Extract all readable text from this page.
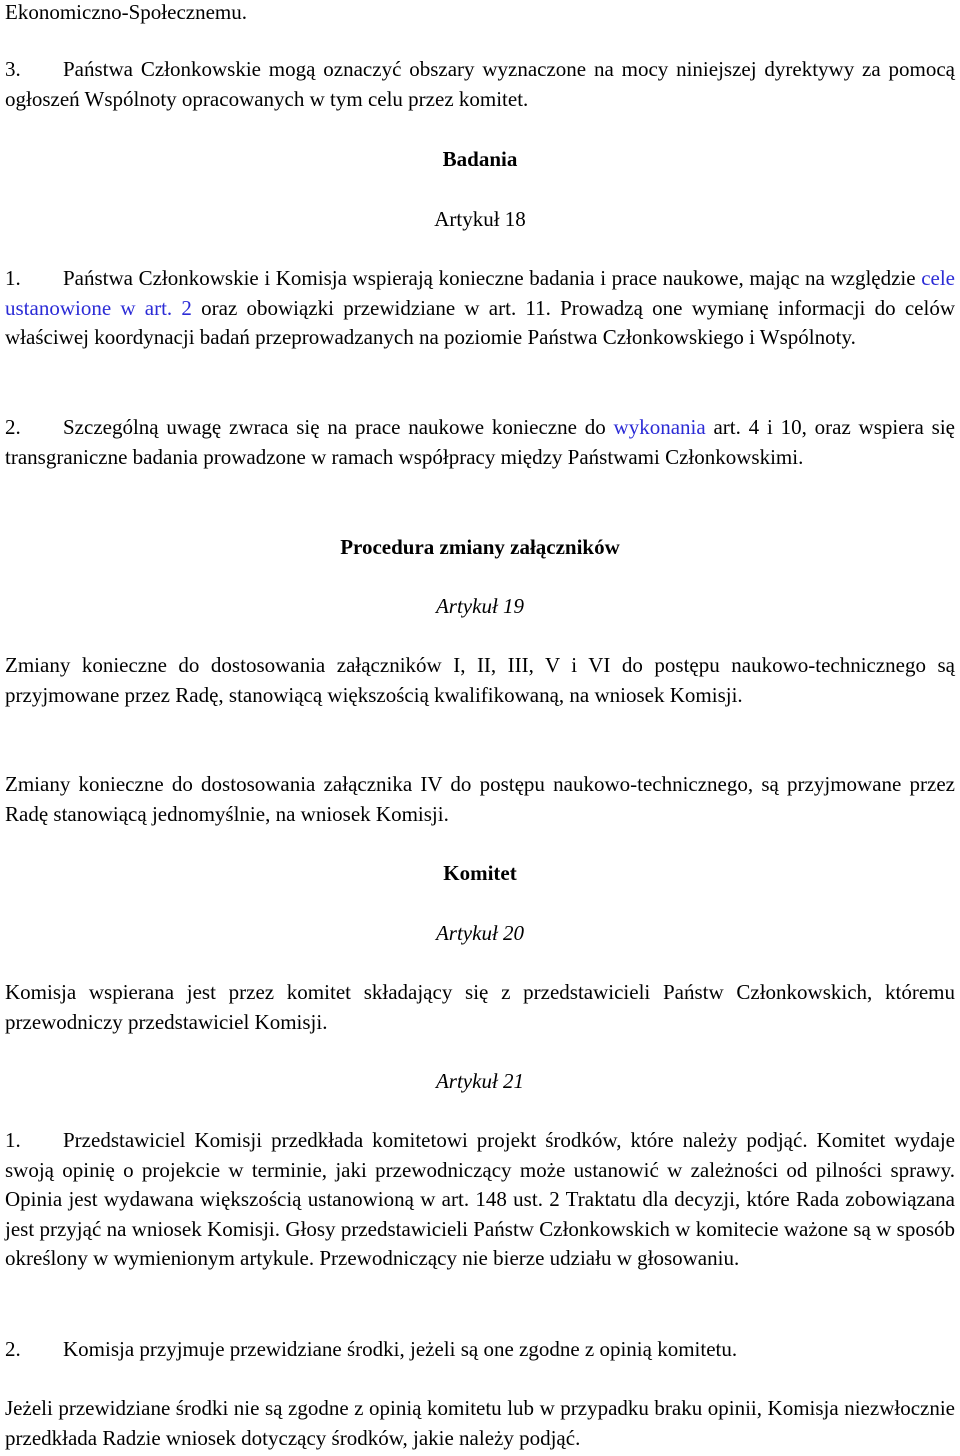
Ekonomiczno-Społecznemu.

3. Państwa Członkowskie mogą oznaczyć obszary wyznaczone na mocy niniejszej dyrektywy za pomocą ogłoszeń Wspólnoty opracowanych w tym celu przez komitet.

Badania

Artykuł 18

1. Państwa Członkowskie i Komisja wspierają konieczne badania i prace naukowe, mając na względzie cele ustanowione w art. 2 oraz obowiązki przewidziane w art. 11. Prowadzą one wymianę informacji do celów właściwej koordynacji badań przeprowadzanych na poziomie Państwa Członkowskiego i Wspólnoty.

2. Szczególną uwagę zwraca się na prace naukowe konieczne do wykonania art. 4 i 10, oraz wspiera się transgraniczne badania prowadzone w ramach współpracy między Państwami Członkowskimi.

Procedura zmiany załączników

Artykuł 19

Zmiany konieczne do dostosowania załączników I, II, III, V i VI do postępu naukowo-technicznego są przyjmowane przez Radę, stanowiącą większością kwalifikowaną, na wniosek Komisji.

Zmiany konieczne do dostosowania załącznika IV do postępu naukowo-technicznego, są przyjmowane przez Radę stanowiącą jednomyślnie, na wniosek Komisji.

Komitet

Artykuł 20

Komisja wspierana jest przez komitet składający się z przedstawicieli Państw Członkowskich, któremu przewodniczy przedstawiciel Komisji.

Artykuł 21

1. Przedstawiciel Komisji przedkłada komitetowi projekt środków, które należy podjąć. Komitet wydaje swoją opinię o projekcie w terminie, jaki przewodniczący może ustanowić w zależności od pilności sprawy. Opinia jest wydawana większością ustanowioną w art. 148 ust. 2 Traktatu dla decyzji, które Rada zobowiązana jest przyjąć na wniosek Komisji. Głosy przedstawicieli Państw Członkowskich w komitecie ważone są w sposób określony w wymienionym artykule. Przewodniczący nie bierze udziału w głosowaniu.

2. Komisja przyjmuje przewidziane środki, jeżeli są one zgodne z opinią komitetu.

Jeżeli przewidziane środki nie są zgodne z opinią komitetu lub w przypadku braku opinii, Komisja niezwłocznie przedkłada Radzie wniosek dotyczący środków, jakie należy podjąć.
